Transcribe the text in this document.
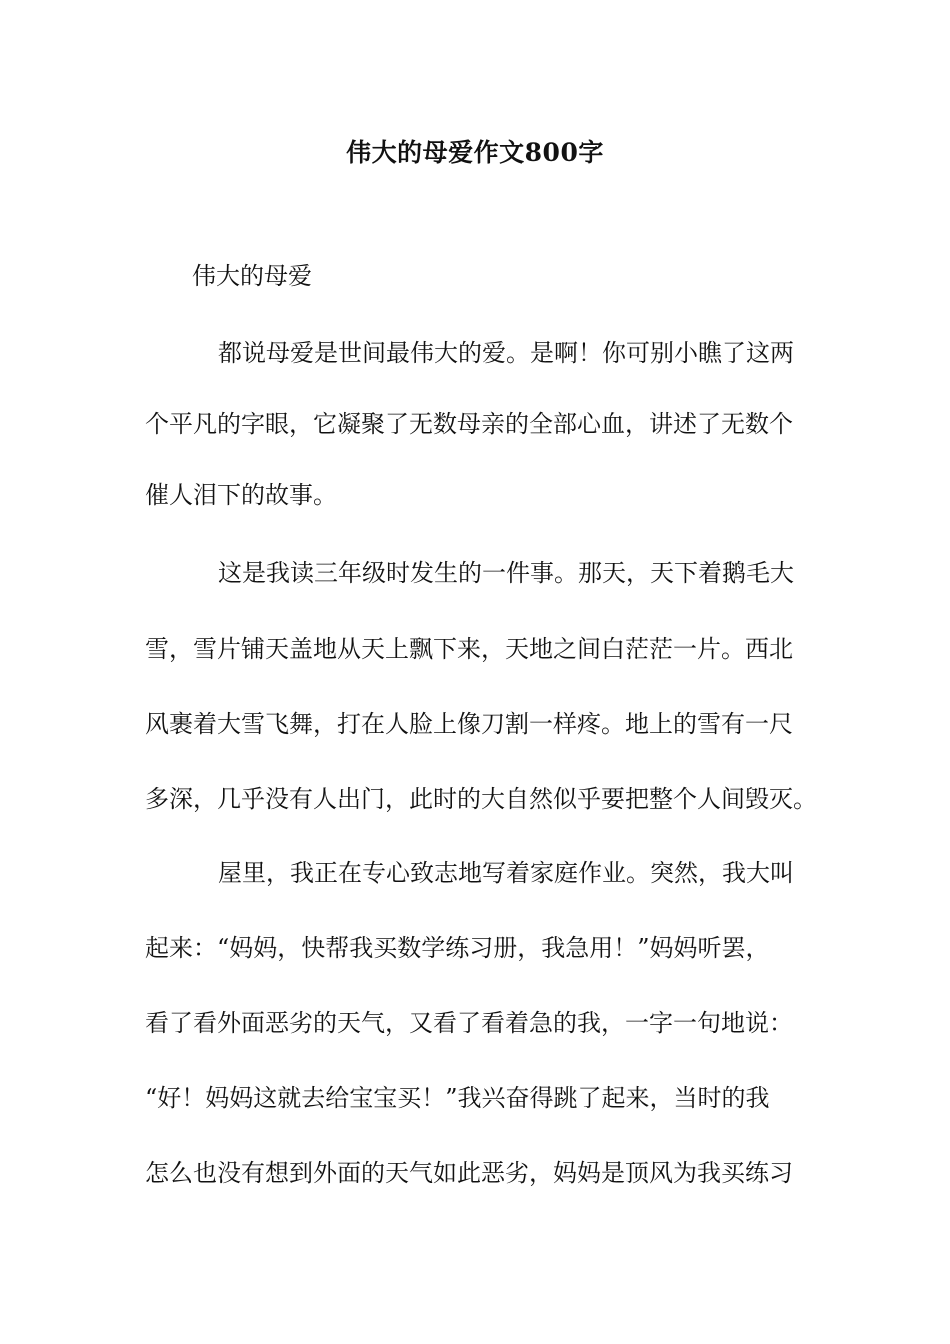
伟大的母爱作文800字

伟大的母爱

都说母爱是世间最伟大的爱。是啊！你可别小瞧了这两

个平凡的字眼，它凝聚了无数母亲的全部心血，讲述了无数个

催人泪下的故事。

这是我读三年级时发生的一件事。那天，天下着鹅毛大

雪，雪片铺天盖地从天上飘下来，天地之间白茫茫一片。西北

风裹着大雪飞舞，打在人脸上像刀割一样疼。地上的雪有一尺

多深，几乎没有人出门，此时的大自然似乎要把整个人间毁灭。

屋里，我正在专心致志地写着家庭作业。突然，我大叫

起来：“妈妈，快帮我买数学练习册，我急用！”妈妈听罢，

看了看外面恶劣的天气，又看了看着急的我，一字一句地说：

“好！妈妈这就去给宝宝买！”我兴奋得跳了起来，当时的我

怎么也没有想到外面的天气如此恶劣，妈妈是顶风为我买练习
